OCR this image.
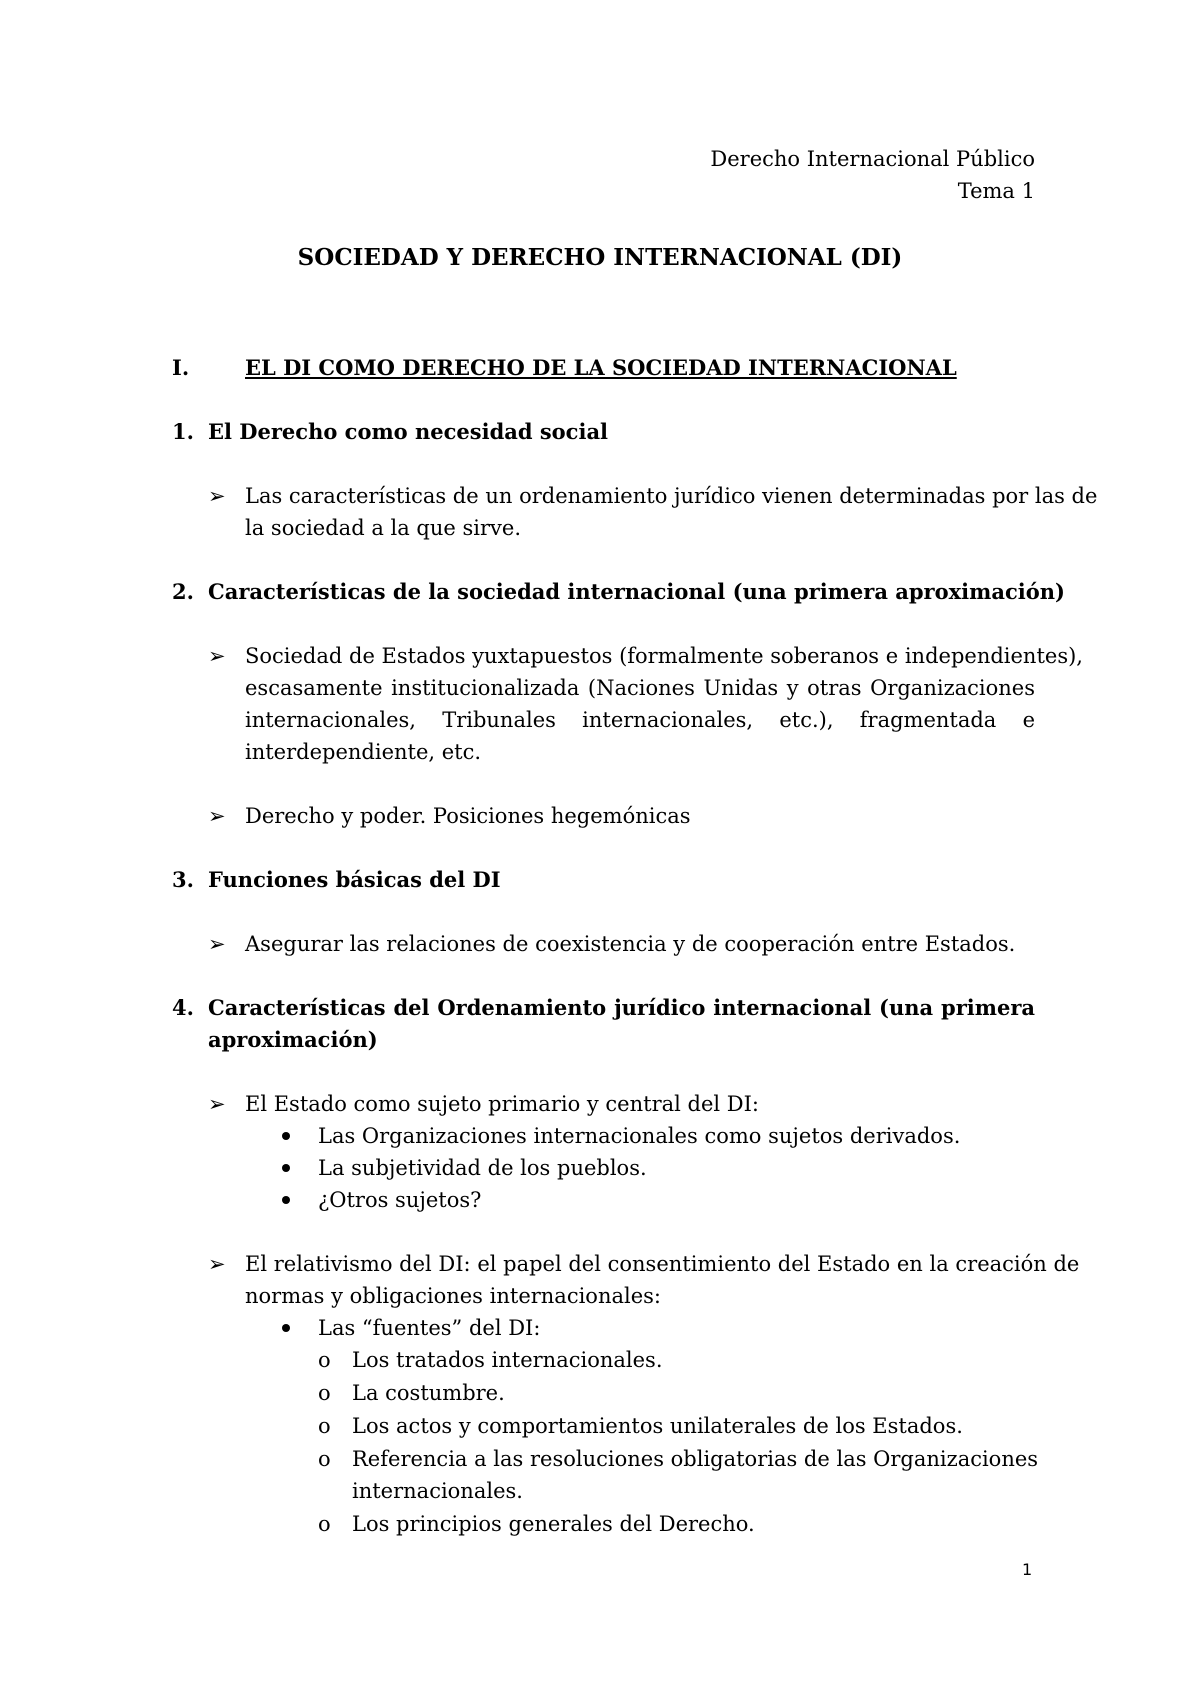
Derecho Internacional Público
Tema 1
SOCIEDAD Y DERECHO INTERNACIONAL (DI)
I.	EL DI COMO DERECHO DE LA SOCIEDAD INTERNACIONAL
1. El Derecho como necesidad social
➢ Las características de un ordenamiento jurídico vienen determinadas por las de
la sociedad a la que sirve.
2. Características de la sociedad internacional (una primera aproximación)
➢ Sociedad de Estados yuxtapuestos (formalmente soberanos e independientes),
escasamente institucionalizada (Naciones Unidas y otras Organizaciones
internacionales, Tribunales internacionales, etc.), fragmentada e
interdependiente, etc.
➢ Derecho y poder. Posiciones hegemónicas
3. Funciones básicas del DI
➢ Asegurar las relaciones de coexistencia y de cooperación entre Estados.
4. Características del Ordenamiento jurídico internacional (una primera
aproximación)
➢ El Estado como sujeto primario y central del DI:
Las Organizaciones internacionales como sujetos derivados.
La subjetividad de los pueblos.
¿Otros sujetos?
➢ El relativismo del DI: el papel del consentimiento del Estado en la creación de
normas y obligaciones internacionales:
Las “fuentes” del DI:
o Los tratados internacionales.
o La costumbre.
o Los actos y comportamientos unilaterales de los Estados.
o Referencia a las resoluciones obligatorias de las Organizaciones
internacionales.
o Los principios generales del Derecho.
1
